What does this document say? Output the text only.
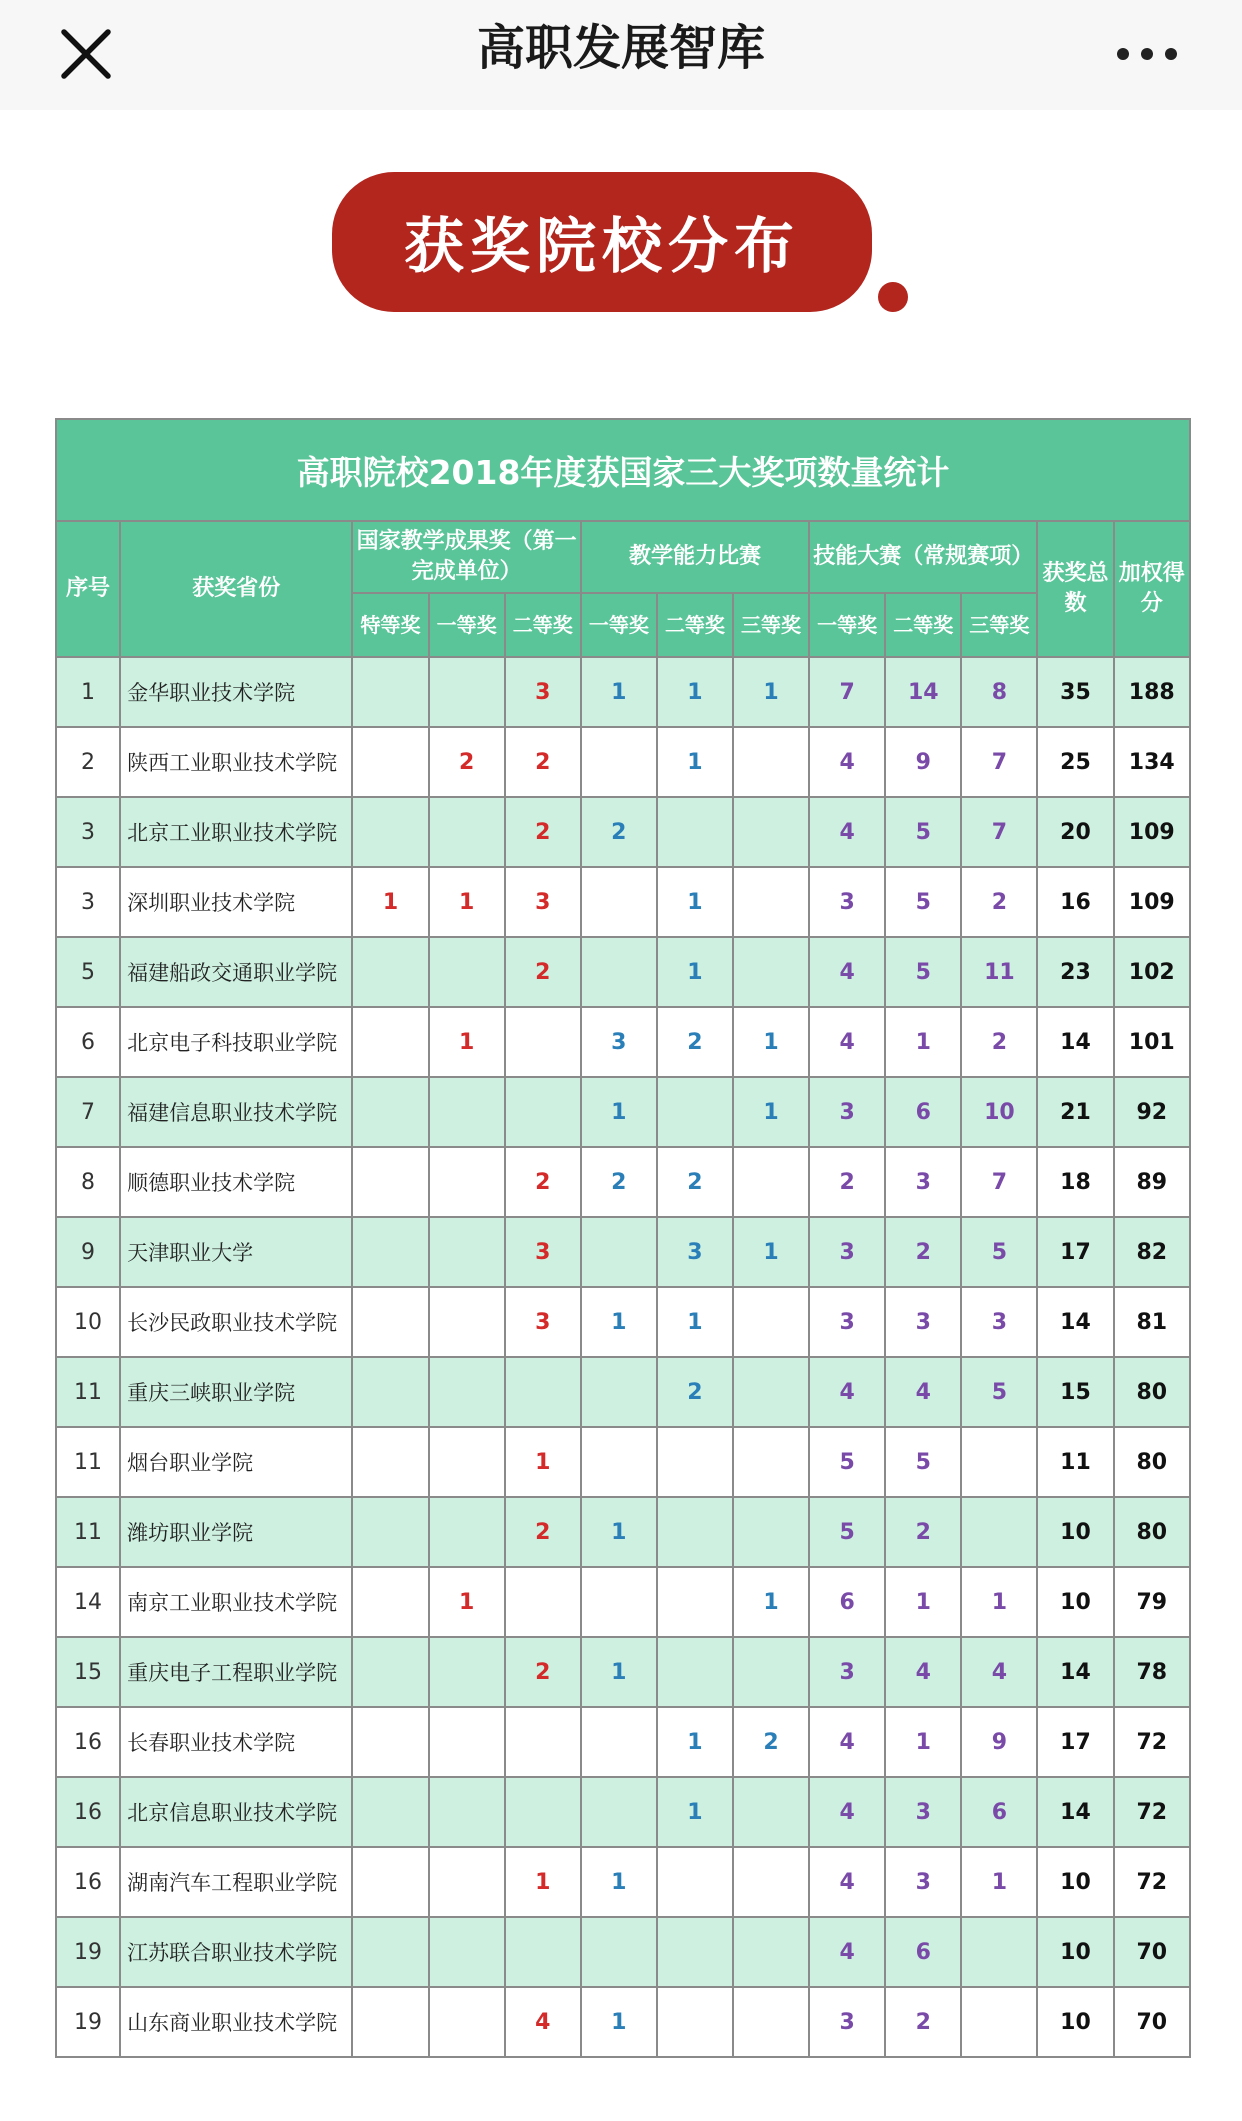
高职发展智库
获奖院校分布
高职院校2018年度获国家三大奖项数量统计												
序号	获奖省份	国家教学成果奖（第一完成单位）			教学能力比赛			技能大赛（常规赛项）			获奖总数	加权得分
		特等奖	一等奖	二等奖	一等奖	二等奖	三等奖	一等奖	二等奖	三等奖		
1	金华职业技术学院			3	1	1	1	7	14	8	35	188
2	陕西工业职业技术学院		2	2		1		4	9	7	25	134
3	北京工业职业技术学院			2	2			4	5	7	20	109
3	深圳职业技术学院	1	1	3		1		3	5	2	16	109
5	福建船政交通职业学院			2		1		4	5	11	23	102
6	北京电子科技职业学院		1		3	2	1	4	1	2	14	101
7	福建信息职业技术学院				1		1	3	6	10	21	92
8	顺德职业技术学院			2	2	2		2	3	7	18	89
9	天津职业大学			3		3	1	3	2	5	17	82
10	长沙民政职业技术学院			3	1	1		3	3	3	14	81
11	重庆三峡职业学院					2		4	4	5	15	80
11	烟台职业学院			1				5	5		11	80
11	潍坊职业学院			2	1			5	2		10	80
14	南京工业职业技术学院		1				1	6	1	1	10	79
15	重庆电子工程职业学院			2	1			3	4	4	14	78
16	长春职业技术学院					1	2	4	1	9	17	72
16	北京信息职业技术学院					1		4	3	6	14	72
16	湖南汽车工程职业学院			1	1			4	3	1	10	72
19	江苏联合职业技术学院							4	6		10	70
19	山东商业职业技术学院			4	1			3	2		10	70
